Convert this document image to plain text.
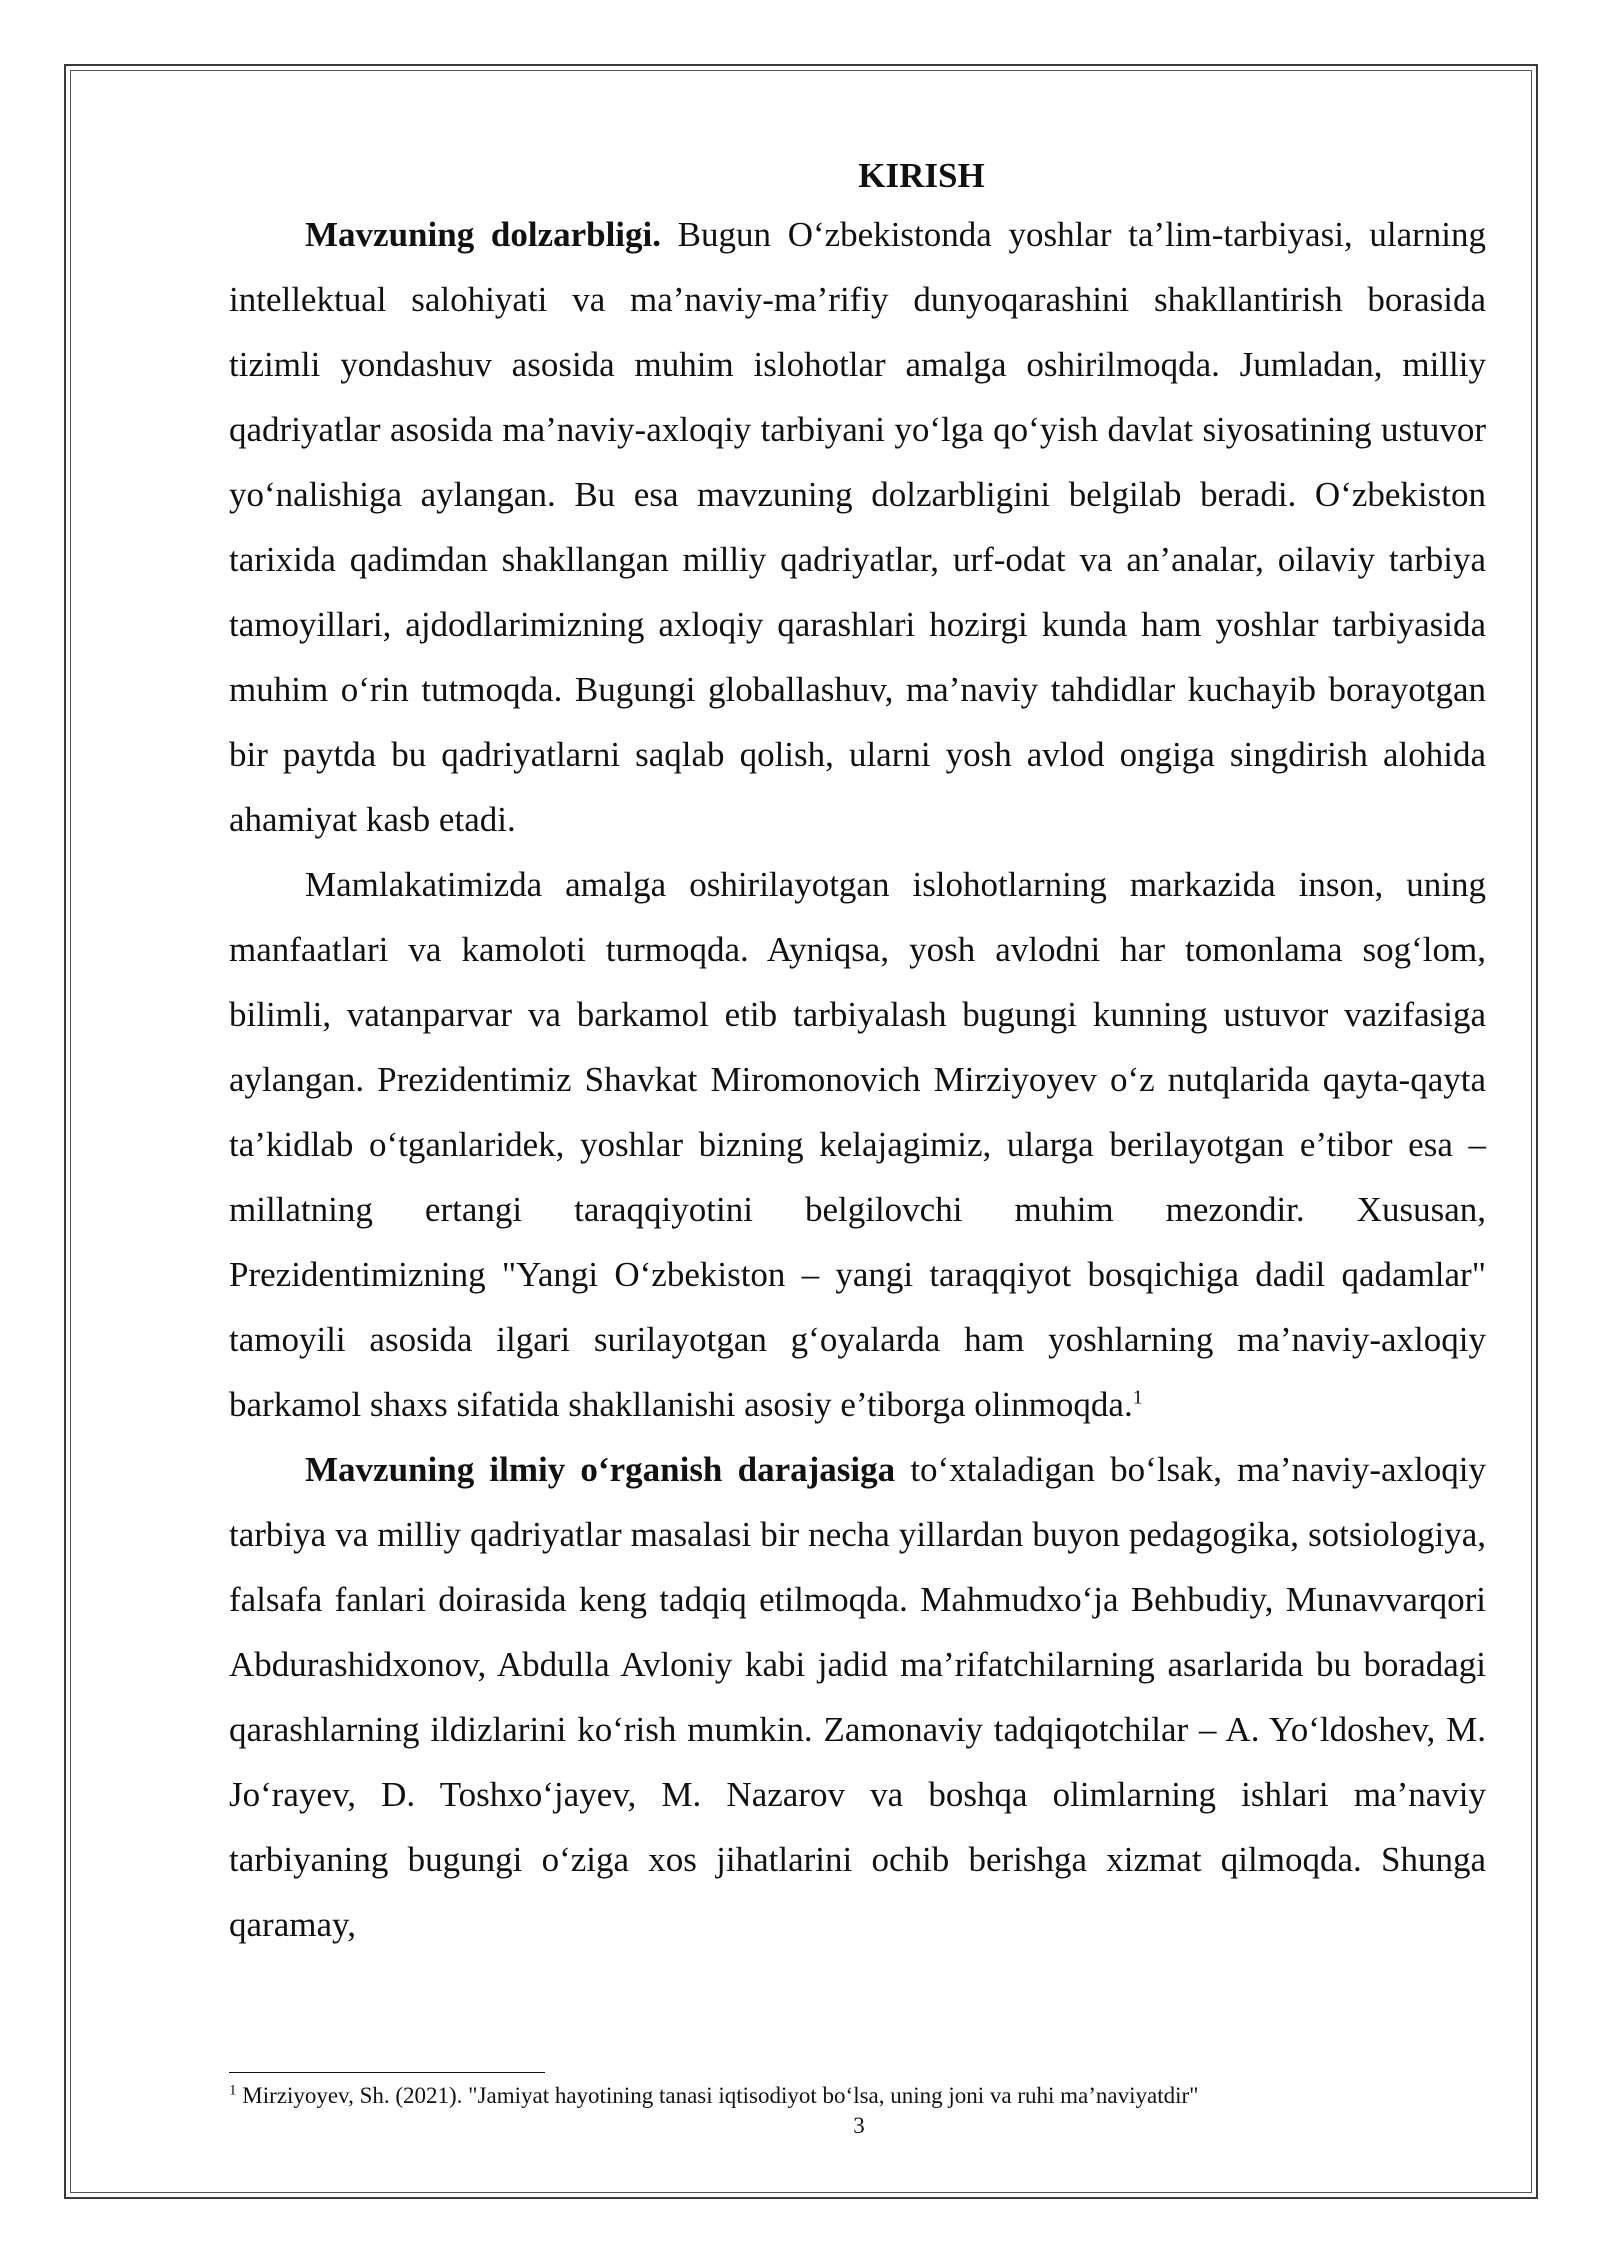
KIRISH

Mavzuning dolzarbligi. Bugun O‘zbekistonda yoshlar ta’lim-tarbiyasi, ularning intellektual salohiyati va ma’naviy-ma’rifiy dunyoqarashini shakllantirish borasida tizimli yondashuv asosida muhim islohotlar amalga oshirilmoqda. Jumladan, milliy qadriyatlar asosida ma’naviy-axloqiy tarbiyani yo‘lga qo‘yish davlat siyosatining ustuvor yo‘nalishiga aylangan. Bu esa mavzuning dolzarbligini belgilab beradi. O‘zbekiston tarixida qadimdan shakllangan milliy qadriyatlar, urf-odat va an’analar, oilaviy tarbiya tamoyillari, ajdodlarimizning axloqiy qarashlari hozirgi kunda ham yoshlar tarbiyasida muhim o‘rin tutmoqda. Bugungi globallashuv, ma’naviy tahdidlar kuchayib borayotgan bir paytda bu qadriyatlarni saqlab qolish, ularni yosh avlod ongiga singdirish alohida ahamiyat kasb etadi.

Mamlakatimizda amalga oshirilayotgan islohotlarning markazida inson, uning manfaatlari va kamoloti turmoqda. Ayniqsa, yosh avlodni har tomonlama sog‘lom, bilimli, vatanparvar va barkamol etib tarbiyalash bugungi kunning ustuvor vazifasiga aylangan. Prezidentimiz Shavkat Miromonovich Mirziyoyev o‘z nutqlarida qayta-qayta ta’kidlab o‘tganlaridek, yoshlar bizning kelajagimiz, ularga berilayotgan e’tibor esa – millatning ertangi taraqqiyotini belgilovchi muhim mezondir. Xususan, Prezidentimizning "Yangi O‘zbekiston – yangi taraqqiyot bosqichiga dadil qadamlar" tamoyili asosida ilgari surilayotgan g‘oyalarda ham yoshlarning ma’naviy-axloqiy barkamol shaxs sifatida shakllanishi asosiy e’tiborga olinmoqda.$^1$

Mavzuning ilmiy o‘rganish darajasiga to‘xtaladigan bo‘lsak, ma’naviy-axloqiy tarbiya va milliy qadriyatlar masalasi bir necha yillardan buyon pedagogika, sotsiologiya, falsafa fanlari doirasida keng tadqiq etilmoqda. Mahmudxo‘ja Behbudiy, Munavvarqori Abdurashidxonov, Abdulla Avloniy kabi jadid ma’rifatchilarning asarlarida bu boradagi qarashlarning ildizlarini ko‘rish mumkin. Zamonaviy tadqiqotchilar – A. Yo‘ldoshev, M. Jo‘rayev, D. Toshxo‘jayev, M. Nazarov va boshqa olimlarning ishlari ma’naviy tarbiyaning bugungi o‘ziga xos jihatlarini ochib berishga xizmat qilmoqda. Shunga qaramay,

$^1$ Mirziyoyev, Sh. (2021). "Jamiyat hayotining tanasi iqtisodiyot bo‘lsa, uning joni va ruhi ma’naviyatdir"
3
